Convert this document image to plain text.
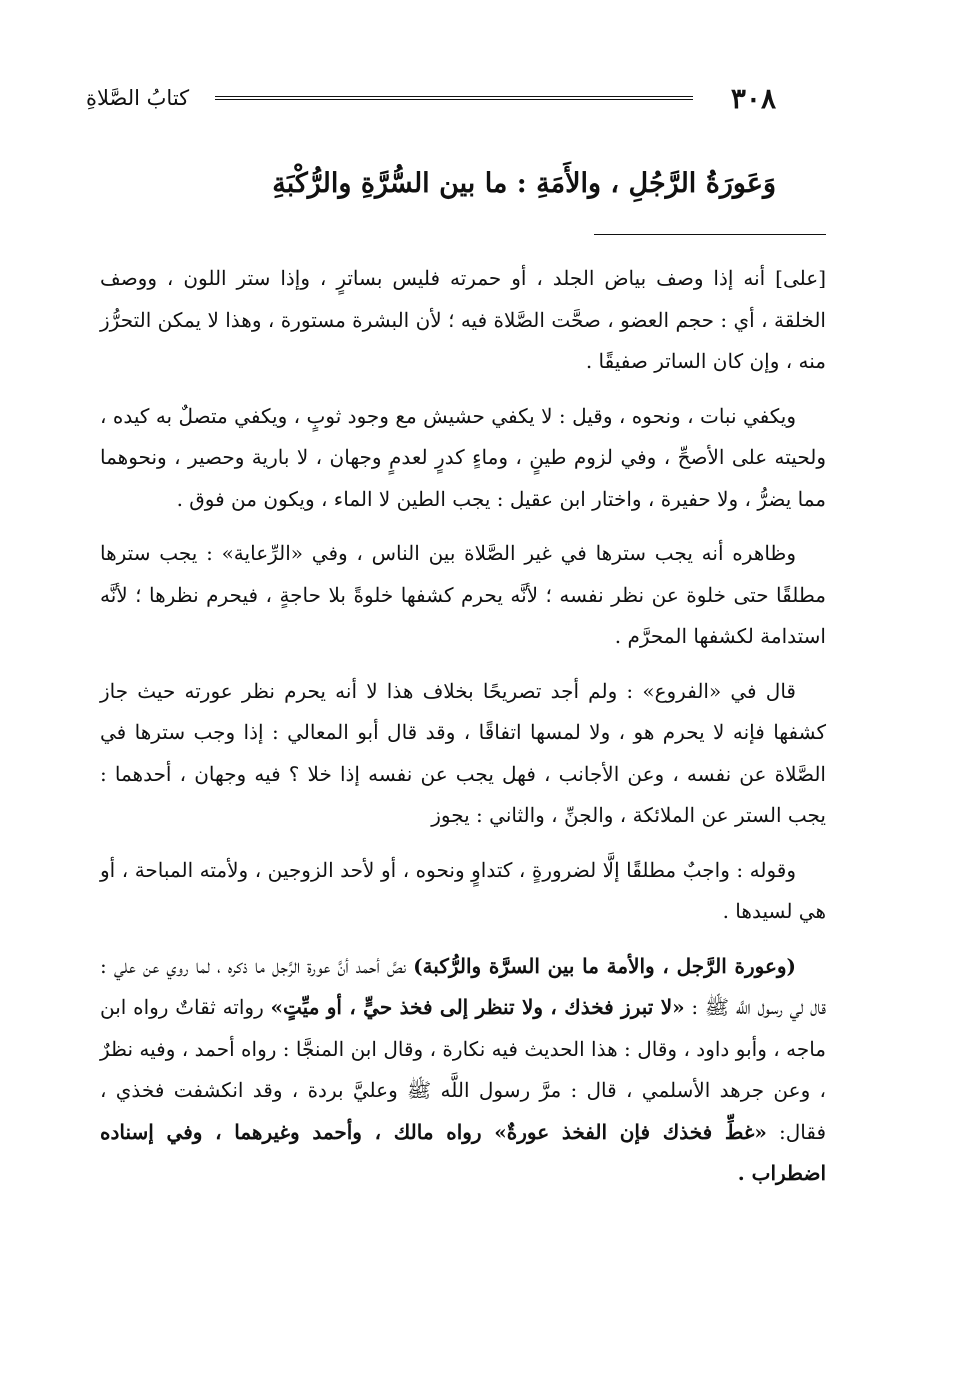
٣٠٨
كتابُ الصَّلاةِ
وَعَورَةُ الرَّجُلِ ، والأَمَةِ : ما بين السُّرَّةِ والرُّكْبَةِ

[على] أنه إذا وصف بياض الجلد ، أو حمرته فليس بساترٍ ، وإذا ستر اللون ، ووصف الخلقة ، أي : حجم العضو ، صحَّت الصَّلاة فيه ؛ لأن البشرة مستورة ، وهذا لا يمكن التحرُّز منه ، وإن كان الساتر صفيقًا .

ويكفي نبات ، ونحوه ، وقيل : لا يكفي حشيش مع وجود ثوبٍ ، ويكفي متصلٌ به كيده ، ولحيته على الأصحِّ ، وفي لزوم طينٍ ، وماءٍ كدرٍ لعدمٍ وجهان ، لا بارية وحصير ، ونحوهما مما يضرُّ ، ولا حفيرة ، واختار ابن عقيل : يجب الطين لا الماء ، ويكون من فوق .

وظاهره أنه يجب سترها في غير الصَّلاة بين الناس ، وفي «الرِّعاية» : يجب سترها مطلقًا حتى خلوة عن نظر نفسه ؛ لأنَّه يحرم كشفها خلوةً بلا حاجةٍ ، فيحرم نظرها ؛ لأنَّه استدامة لكشفها المحرَّم .

قال في «الفروع» : ولم أجد تصريحًا بخلاف هذا لا أنه يحرم نظر عورته حيث جاز كشفها فإنه لا يحرم هو ، ولا لمسها اتفاقًا ، وقد قال أبو المعالي : إذا وجب سترها في الصَّلاة عن نفسه ، وعن الأجانب ، فهل يجب عن نفسه إذا خلا ؟ فيه وجهان ، أحدهما : يجب الستر عن الملائكة ، والجنِّ ، والثاني : يجوز

وقوله : واجبٌ مطلقًا إلَّا لضرورةٍ ، كتداوٍ ونحوه ، أو لأحد الزوجين ، ولأمته المباحة ، أو هي لسيدها .

(وعورة الرَّجل ، والأمة ما بين السرَّة والرُّكبة) نصَّ أحمد أنَّ عورة الرَّجل ما ذكره ، لما روي عن علي : قال لي رسول اللَّه ﷺ : «لا تبرز فخذك ، ولا تنظر إلى فخذ حيٍّ ، أو ميِّتٍ» رواته ثقاتٌ رواه ابن ماجه ، وأبو داود ، وقال : هذا الحديث فيه نكارة ، وقال ابن المنجَّا : رواه أحمد ، وفيه نظرٌ ، وعن جرهد الأسلمي ، قال : مرَّ رسول اللَّه ﷺ وعليَّ بردة ، وقد انكشفت فخذي ، فقال: «غطِّ فخذك فإن الفخذ عورةٌ» رواه مالك ، وأحمد وغيرهما ، وفي إسناده اضطراب .
